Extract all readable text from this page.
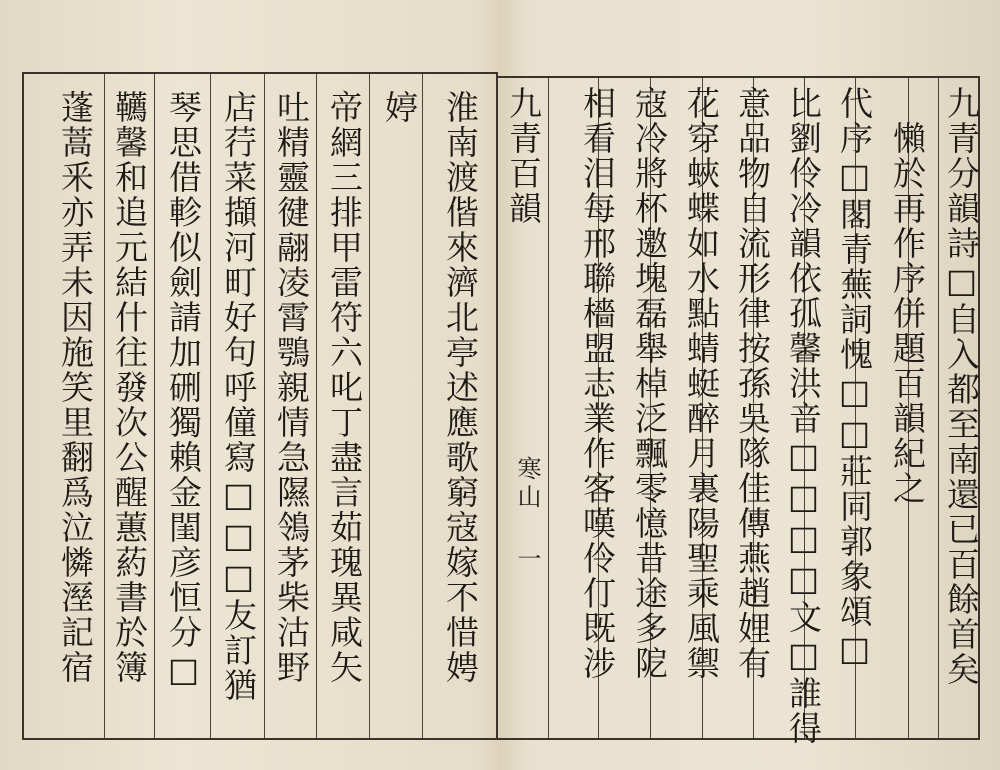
九青分韻詩□自入都至南還已百餘首矣
　懶於再作序併題百韻紀之
代序□閣青蕪詞愧□□莊同郭象頌□
比劉伶冷韻依孤馨洪音□□□□文□誰得
意品物自流形律按孫吳隊佳傳燕趙娌有
花穿蛺蝶如水點蜻蜓醉月裏陽聖乘風禦
寇冷將杯邀塊磊舉棹泛飄零憶昔途多阸
相看泪每邢聯檣盟志業作客嘆伶仃既涉
九青百韻
寒山
一
淮南渡偕來濟北亭述應歌窮寇嫁不惜娉
婷
帝網三排甲雷符六叱丁盡言茹瑰異咸矢
吐精靈徤翮凌霄鶚親情急隰鴒茅柴沽野
店荇菜擷河町好句呼僮寫□□□友訂猶
琴思借軫似劍請加硎獨賴金閨彦恒分□
韉馨和追元結什往發次公醒蕙葯書於簿
蓬蒿釆亦弄未因施笑里翻爲泣憐溼記宿
